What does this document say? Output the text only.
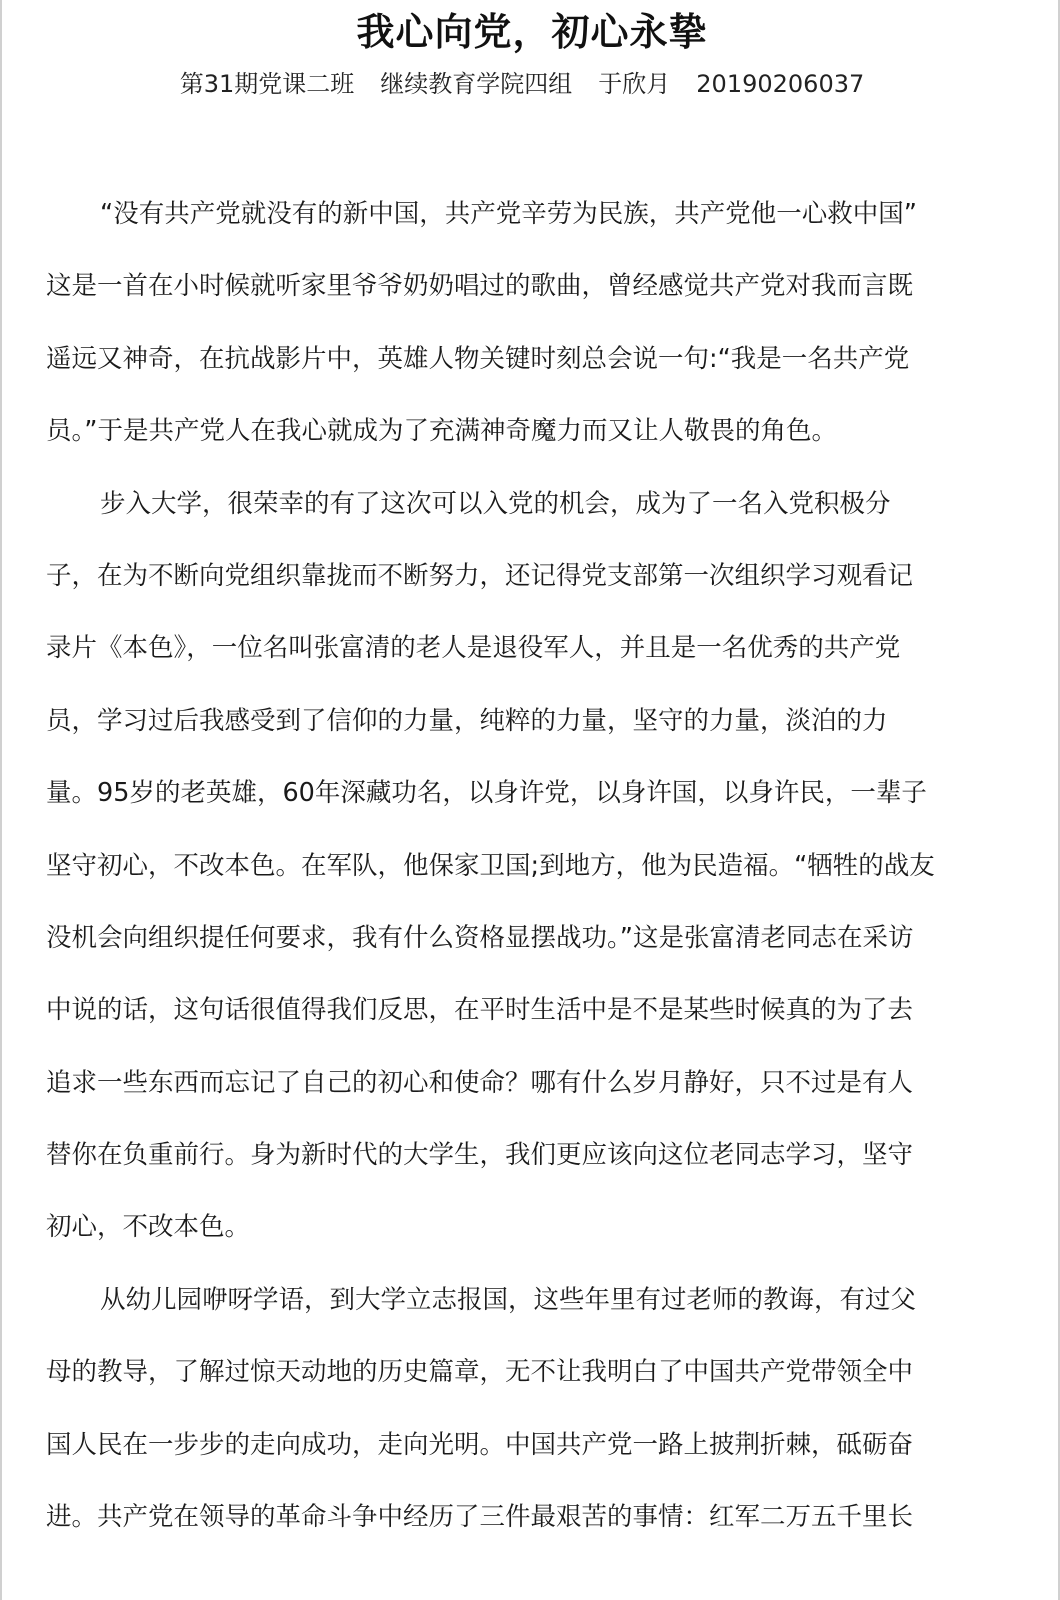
我心向党，初心永挚
第31期党课二班 继续教育学院四组 于欣月 20190206037
“没有共产党就没有的新中国，共产党辛劳为民族，共产党他一心救中国”
这是一首在小时候就听家里爷爷奶奶唱过的歌曲，曾经感觉共产党对我而言既
遥远又神奇，在抗战影片中，英雄人物关键时刻总会说一句:“我是一名共产党
员。”于是共产党人在我心就成为了充满神奇魔力而又让人敬畏的角色。
步入大学，很荣幸的有了这次可以入党的机会，成为了一名入党积极分
子，在为不断向党组织靠拢而不断努力，还记得党支部第一次组织学习观看记
录片《本色》，一位名叫张富清的老人是退役军人，并且是一名优秀的共产党
员，学习过后我感受到了信仰的力量，纯粹的力量，坚守的力量，淡泊的力
量。95岁的老英雄，60年深藏功名，以身许党，以身许国，以身许民，一辈子
坚守初心，不改本色。在军队，他保家卫国;到地方，他为民造福。“牺牲的战友
没机会向组织提任何要求，我有什么资格显摆战功。”这是张富清老同志在采访
中说的话，这句话很值得我们反思，在平时生活中是不是某些时候真的为了去
追求一些东西而忘记了自己的初心和使命？哪有什么岁月静好，只不过是有人
替你在负重前行。身为新时代的大学生，我们更应该向这位老同志学习，坚守
初心，不改本色。
从幼儿园咿呀学语，到大学立志报国，这些年里有过老师的教诲，有过父
母的教导，了解过惊天动地的历史篇章，无不让我明白了中国共产党带领全中
国人民在一步步的走向成功，走向光明。中国共产党一路上披荆折棘，砥砺奋
进。共产党在领导的革命斗争中经历了三件最艰苦的事情：红军二万五千里长
